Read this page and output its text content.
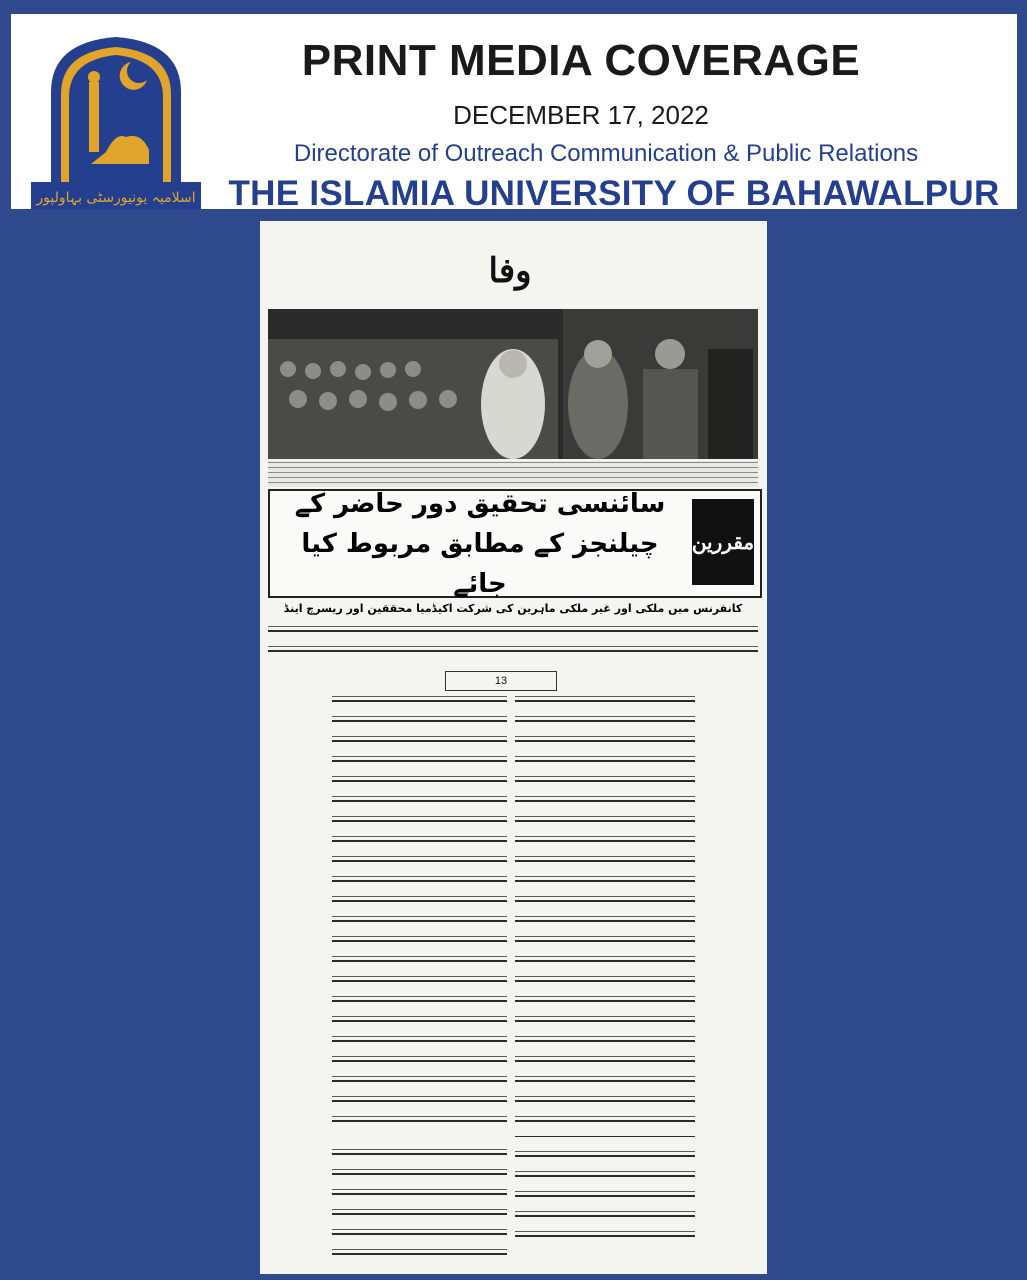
اسلامیہ یونیورسٹی بہاولپور
PRINT MEDIA COVERAGE
DECEMBER 17, 2022
Directorate of Outreach Communication & Public Relations
THE ISLAMIA UNIVERSITY OF BAHAWALPUR
وفا
سائنسی تحقیق دور حاضر کے چیلنجز کے مطابق مربوط کیا جائے
مقررین
کانفرنس میں ملکی اور غیر ملکی ماہرین کی شرکت اکیڈمیا محققین اور ریسرچ اینڈ
13
